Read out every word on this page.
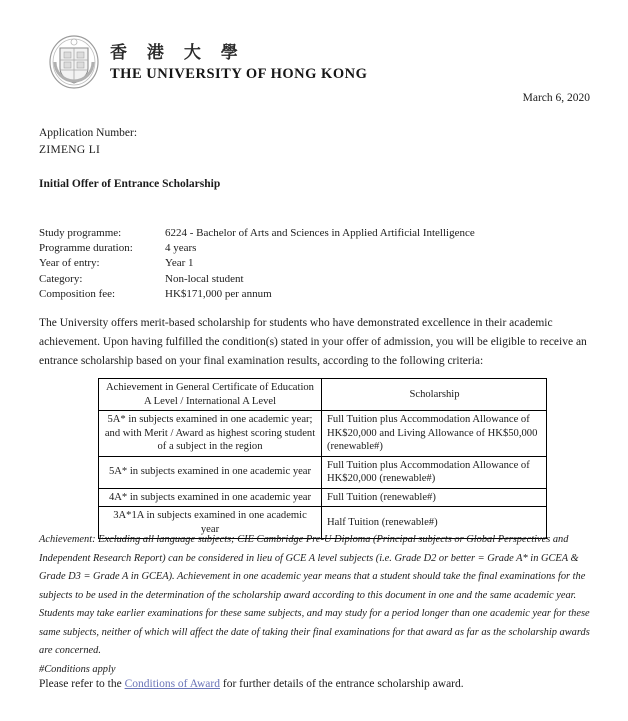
香 港 大 學
THE UNIVERSITY OF HONG KONG
March 6, 2020
Application Number:

ZIMENG LI
Initial Offer of Entrance Scholarship
Study programme:	6224 - Bachelor of Arts and Sciences in Applied Artificial Intelligence
Programme duration:	4 years
Year of entry:	Year 1
Category:	Non-local student
Composition fee:	HK$171,000 per annum
The University offers merit-based scholarship for students who have demonstrated excellence in their academic achievement. Upon having fulfilled the condition(s) stated in your offer of admission, you will be eligible to receive an entrance scholarship based on your final examination results, according to the following criteria:
Achievement in General Certificate of Education A Level / International A Level	Scholarship
5A* in subjects examined in one academic year; and with Merit / Award as highest scoring student of a subject in the region	Full Tuition plus Accommodation Allowance of HK$20,000 and Living Allowance of HK$50,000 (renewable#)
5A* in subjects examined in one academic year	Full Tuition plus Accommodation Allowance of HK$20,000 (renewable#)
4A* in subjects examined in one academic year	Full Tuition (renewable#)
3A*1A in subjects examined in one academic year	Half Tuition (renewable#)
Achievement: Excluding all language subjects; CIE Cambridge Pre-U Diploma (Principal subjects or Global Perspectives and Independent Research Report) can be considered in lieu of GCE A level subjects (i.e. Grade D2 or better = Grade A* in GCEA & Grade D3 = Grade A in GCEA). Achievement in one academic year means that a student should take the final examinations for the subjects to be used in the determination of the scholarship award according to this document in one and the same academic year. Students may take earlier examinations for these same subjects, and may study for a period longer than one academic year for these same subjects, neither of which will affect the date of taking their final examinations for that award as far as the scholarship awards are concerned.
#Conditions apply
Please refer to the Conditions of Award for further details of the entrance scholarship award.
